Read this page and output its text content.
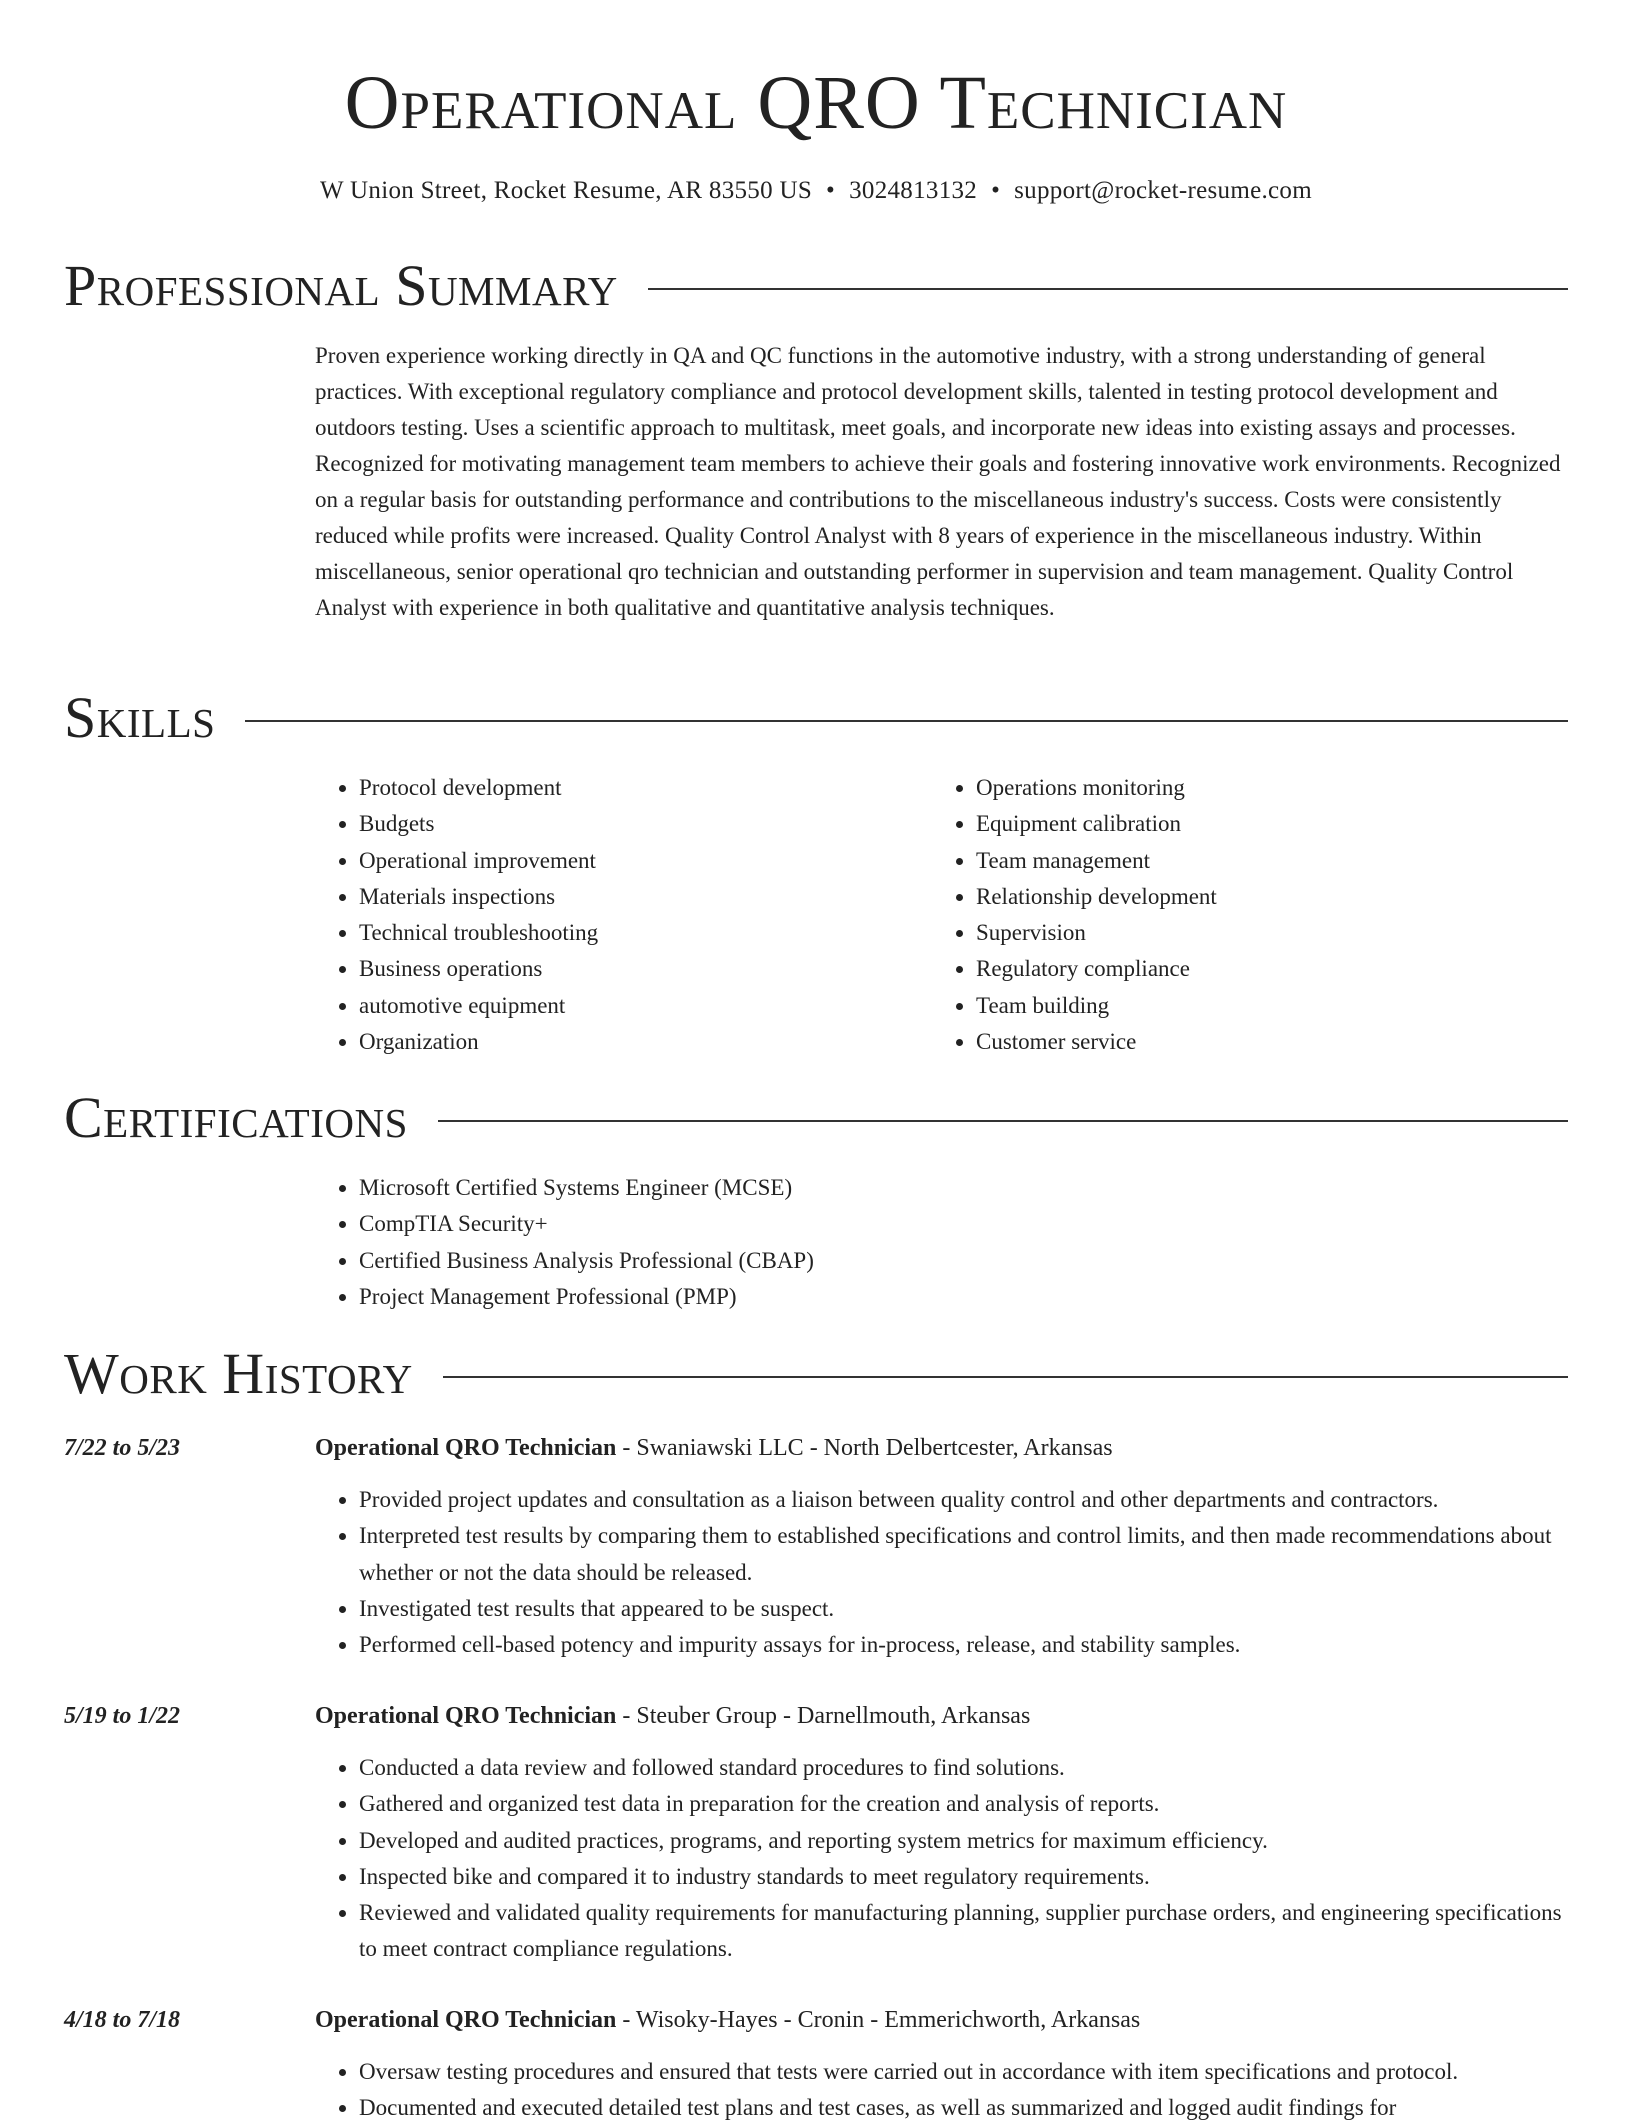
Operational QRO Technician
W Union Street, Rocket Resume, AR 83550 US • 3024813132 • support@rocket-resume.com
Professional Summary

Proven experience working directly in QA and QC functions in the automotive industry, with a strong understanding of general practices. With exceptional regulatory compliance and protocol development skills, talented in testing protocol development and outdoors testing. Uses a scientific approach to multitask, meet goals, and incorporate new ideas into existing assays and processes. Recognized for motivating management team members to achieve their goals and fostering innovative work environments. Recognized on a regular basis for outstanding performance and contributions to the miscellaneous industry's success. Costs were consistently reduced while profits were increased. Quality Control Analyst with 8 years of experience in the miscellaneous industry. Within miscellaneous, senior operational qro technician and outstanding performer in supervision and team management. Quality Control Analyst with experience in both qualitative and quantitative analysis techniques.

Skills
• Protocol development
• Budgets
• Operational improvement
• Materials inspections
• Technical troubleshooting
• Business operations
• automotive equipment
• Organization
• Operations monitoring
• Equipment calibration
• Team management
• Relationship development
• Supervision
• Regulatory compliance
• Team building
• Customer service
Certifications
• Microsoft Certified Systems Engineer (MCSE)
• CompTIA Security+
• Certified Business Analysis Professional (CBAP)
• Project Management Professional (PMP)
Work History
7/22 to 5/23	Operational QRO Technician - Swaniawski LLC - North Delbertcester, Arkansas
• Provided project updates and consultation as a liaison between quality control and other departments and contractors.
• Interpreted test results by comparing them to established specifications and control limits, and then made recommendations about whether or not the data should be released.
• Investigated test results that appeared to be suspect.
• Performed cell-based potency and impurity assays for in-process, release, and stability samples.
5/19 to 1/22	Operational QRO Technician - Steuber Group - Darnellmouth, Arkansas
• Conducted a data review and followed standard procedures to find solutions.
• Gathered and organized test data in preparation for the creation and analysis of reports.
• Developed and audited practices, programs, and reporting system metrics for maximum efficiency.
• Inspected bike and compared it to industry standards to meet regulatory requirements.
• Reviewed and validated quality requirements for manufacturing planning, supplier purchase orders, and engineering specifications to meet contract compliance regulations.
4/18 to 7/18	Operational QRO Technician - Wisoky-Hayes - Cronin - Emmerichworth, Arkansas
• Oversaw testing procedures and ensured that tests were carried out in accordance with item specifications and protocol.
• Documented and executed detailed test plans and test cases, as well as summarized and logged audit findings for
